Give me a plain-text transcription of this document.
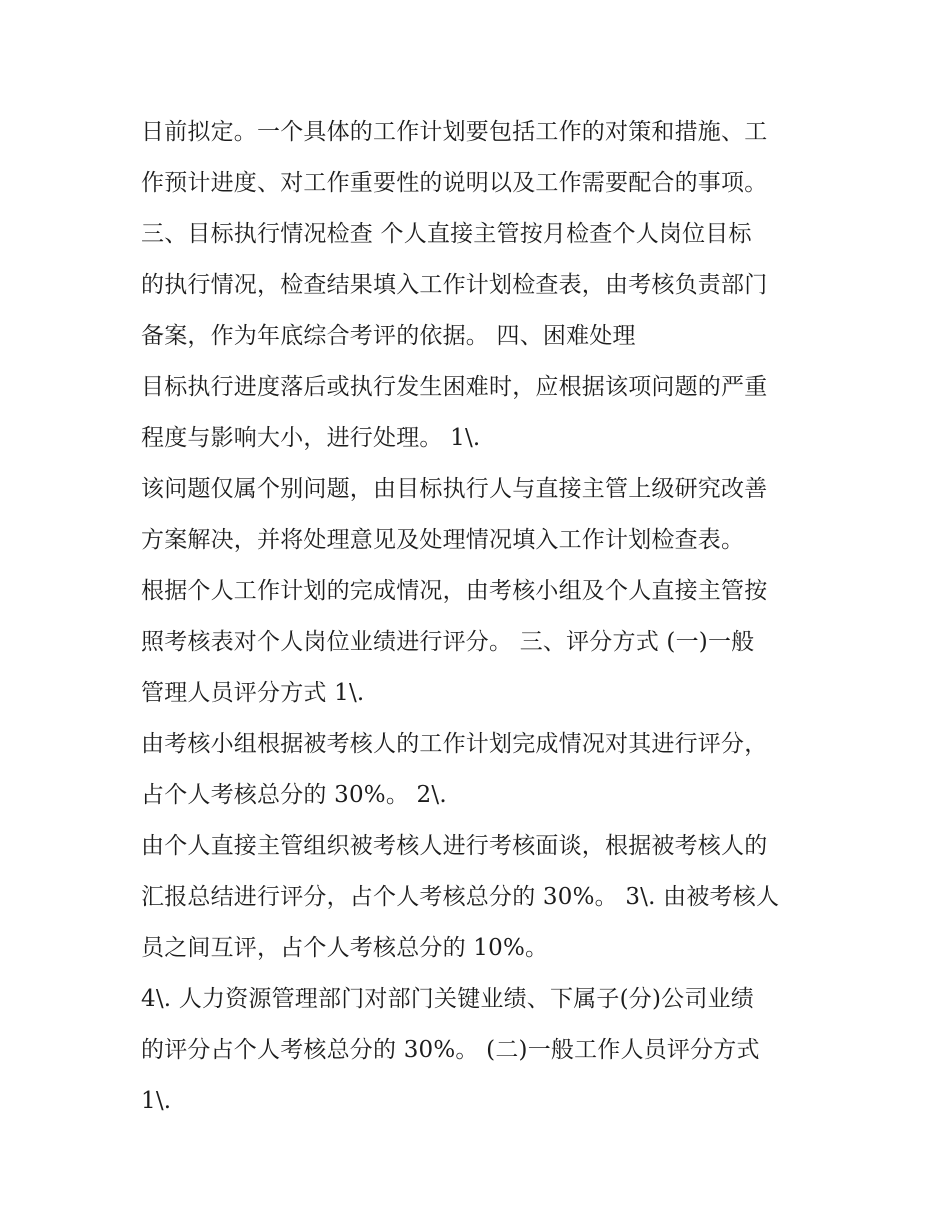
日前拟定。一个具体的工作计划要包括工作的对策和措施、工
作预计进度、对工作重要性的说明以及工作需要配合的事项。
三、目标执行情况检查 个人直接主管按月检查个人岗位目标
的执行情况，检查结果填入工作计划检查表，由考核负责部门
备案，作为年底综合考评的依据。 四、困难处理
目标执行进度落后或执行发生困难时，应根据该项问题的严重
程度与影响大小，进行处理。 1\.
该问题仅属个别问题，由目标执行人与直接主管上级研究改善
方案解决，并将处理意见及处理情况填入工作计划检查表。
根据个人工作计划的完成情况，由考核小组及个人直接主管按
照考核表对个人岗位业绩进行评分。 三、评分方式 (一)一般
管理人员评分方式 1\.
由考核小组根据被考核人的工作计划完成情况对其进行评分，
占个人考核总分的 30%。 2\.
由个人直接主管组织被考核人进行考核面谈，根据被考核人的
汇报总结进行评分，占个人考核总分的 30%。 3\. 由被考核人
员之间互评，占个人考核总分的 10%。
4\. 人力资源管理部门对部门关键业绩、下属子(分)公司业绩
的评分占个人考核总分的 30%。 (二)一般工作人员评分方式
1\.
